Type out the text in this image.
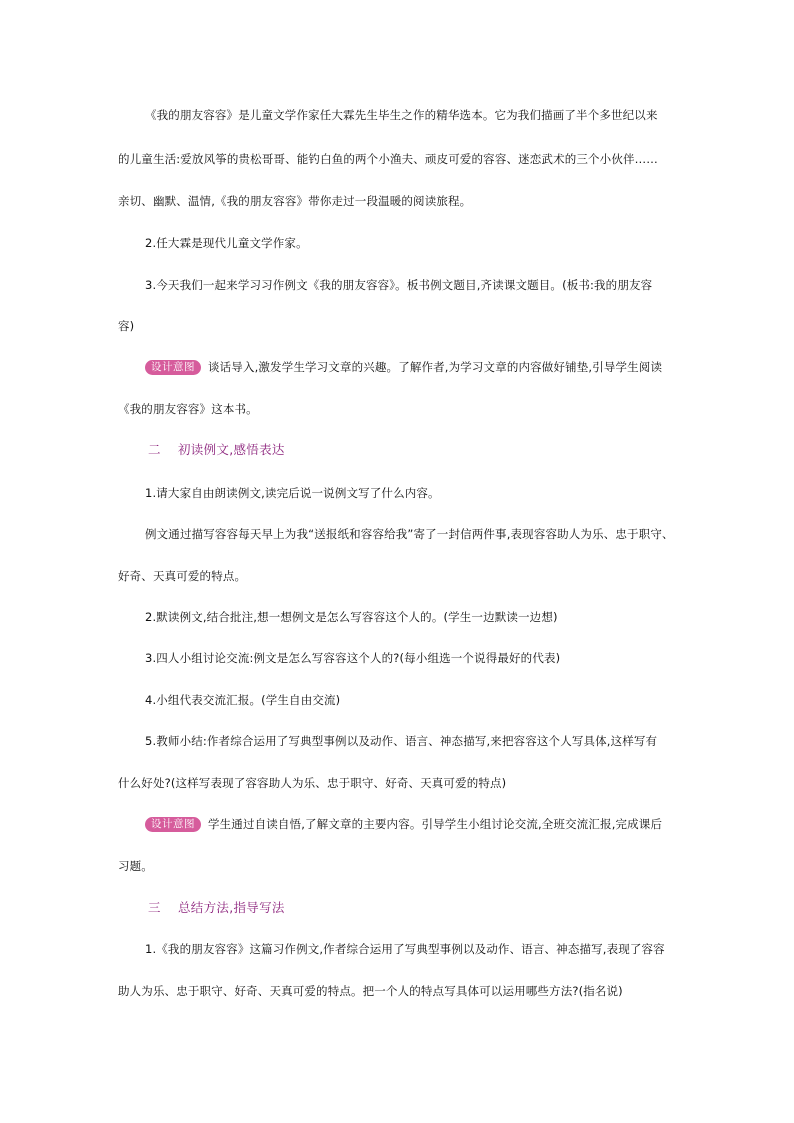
《我的朋友容容》是儿童文学作家任大霖先生毕生之作的精华选本。它为我们描画了半个多世纪以来
的儿童生活:爱放风筝的贵松哥哥、能钓白鱼的两个小渔夫、顽皮可爱的容容、迷恋武术的三个小伙伴……
亲切、幽默、温情,《我的朋友容容》带你走过一段温暖的阅读旅程。
2.任大霖是现代儿童文学作家。
3.今天我们一起来学习习作例文《我的朋友容容》。板书例文题目,齐读课文题目。(板书:我的朋友容
容)
设计意图 谈话导入,激发学生学习文章的兴趣。了解作者,为学习文章的内容做好铺垫,引导学生阅读
《我的朋友容容》这本书。
二 初读例文,感悟表达
1.请大家自由朗读例文,读完后说一说例文写了什么内容。
例文通过描写容容每天早上为我“送报纸和容容给我”寄了一封信两件事,表现容容助人为乐、忠于职守、
好奇、天真可爱的特点。
2.默读例文,结合批注,想一想例文是怎么写容容这个人的。(学生一边默读一边想)
3.四人小组讨论交流:例文是怎么写容容这个人的?(每小组选一个说得最好的代表)
4.小组代表交流汇报。(学生自由交流)
5.教师小结:作者综合运用了写典型事例以及动作、语言、神态描写,来把容容这个人写具体,这样写有
什么好处?(这样写表现了容容助人为乐、忠于职守、好奇、天真可爱的特点)
设计意图 学生通过自读自悟,了解文章的主要内容。引导学生小组讨论交流,全班交流汇报,完成课后
习题。
三 总结方法,指导写法
1.《我的朋友容容》这篇习作例文,作者综合运用了写典型事例以及动作、语言、神态描写,表现了容容
助人为乐、忠于职守、好奇、天真可爱的特点。把一个人的特点写具体可以运用哪些方法?(指名说)
